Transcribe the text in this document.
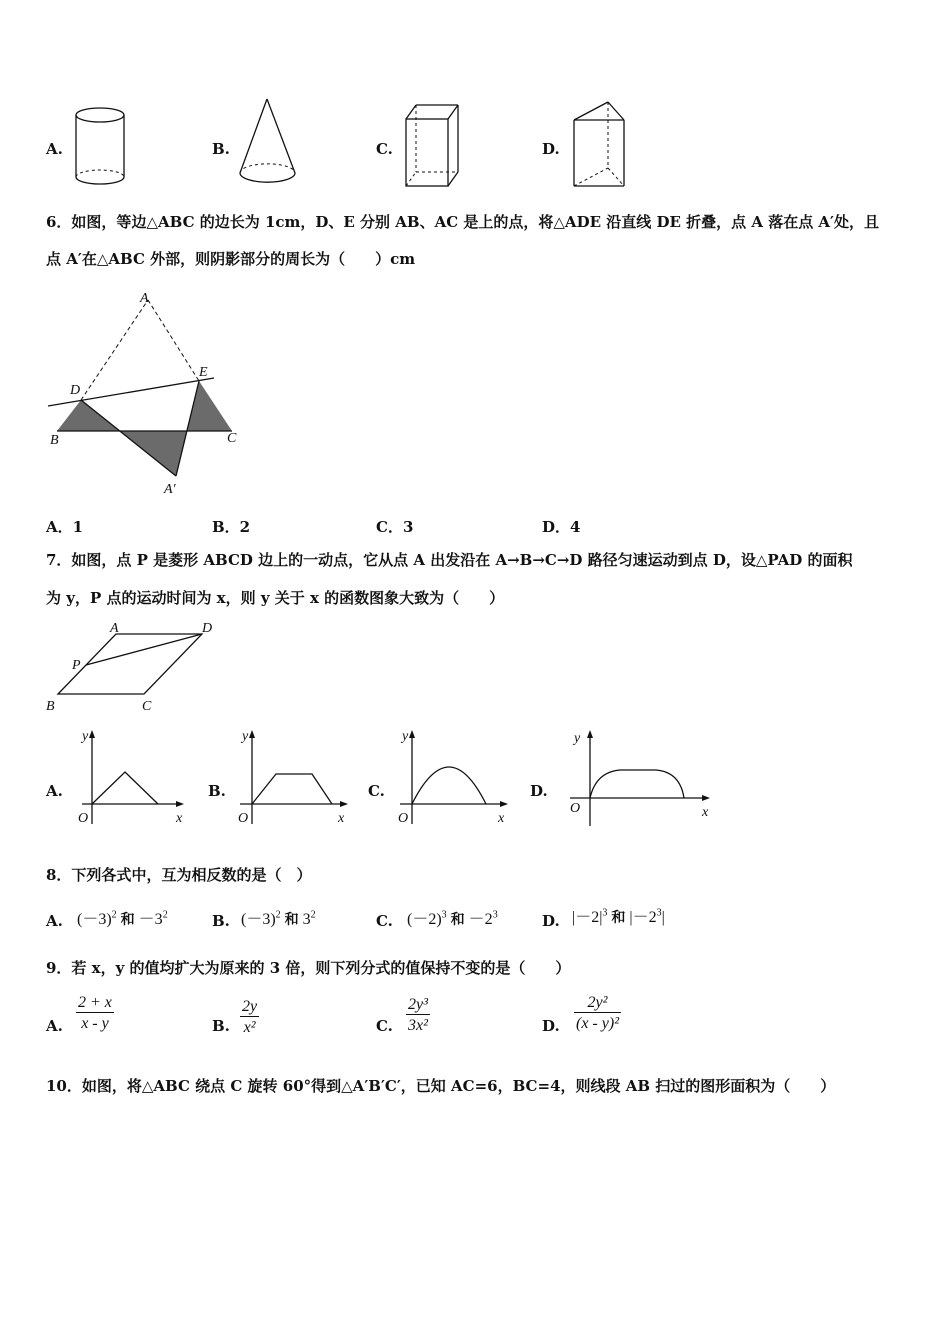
A.	B.	C.	D.
6．如图，等边△ABC 的边长为 1cm，D、E 分别 AB、AC 是上的点，将△ADE 沿直线 DE 折叠，点 A 落在点 A′处，且
点 A′在△ABC 外部，则阴影部分的周长为（　　）cm
A
D
E
B	C
A′
A．1	B．2	C．3	D．4
7．如图，点 P 是菱形 ABCD 边上的一动点，它从点 A 出发沿在 A→B→C→D 路径匀速运动到点 D，设△PAD 的面积
为 y，P 点的运动时间为 x，则 y 关于 x 的函数图象大致为（　　）
A	D
P
B	C
A.
y
O	x
B.
y
O	x
C.
y
O	x
D.
y
O	x
8．下列各式中，互为相反数的是（　）
A. $(-3)^2$ 和 $-3^2$	B. $(-3)^2$ 和 $3^2$	C. $(-2)^3$ 和 $-2^3$	D. $|-2|^3$ 和 $|-2^3|$
9．若 x，y 的值均扩大为原来的 3 倍，则下列分式的值保持不变的是（　　）
A. $\frac{2 + x}{x - y}$	B. $\frac{2y}{\text{x²}}$	C. $\frac{\text{2y³}}{\text{3x²}}$	D. $\frac{\text{2y²}}{\text{(x - y)²}}$
10．如图，将△ABC 绕点 C 旋转 60°得到△A′B′C′，已知 AC=6，BC=4，则线段 AB 扫过的图形面积为（　　）
